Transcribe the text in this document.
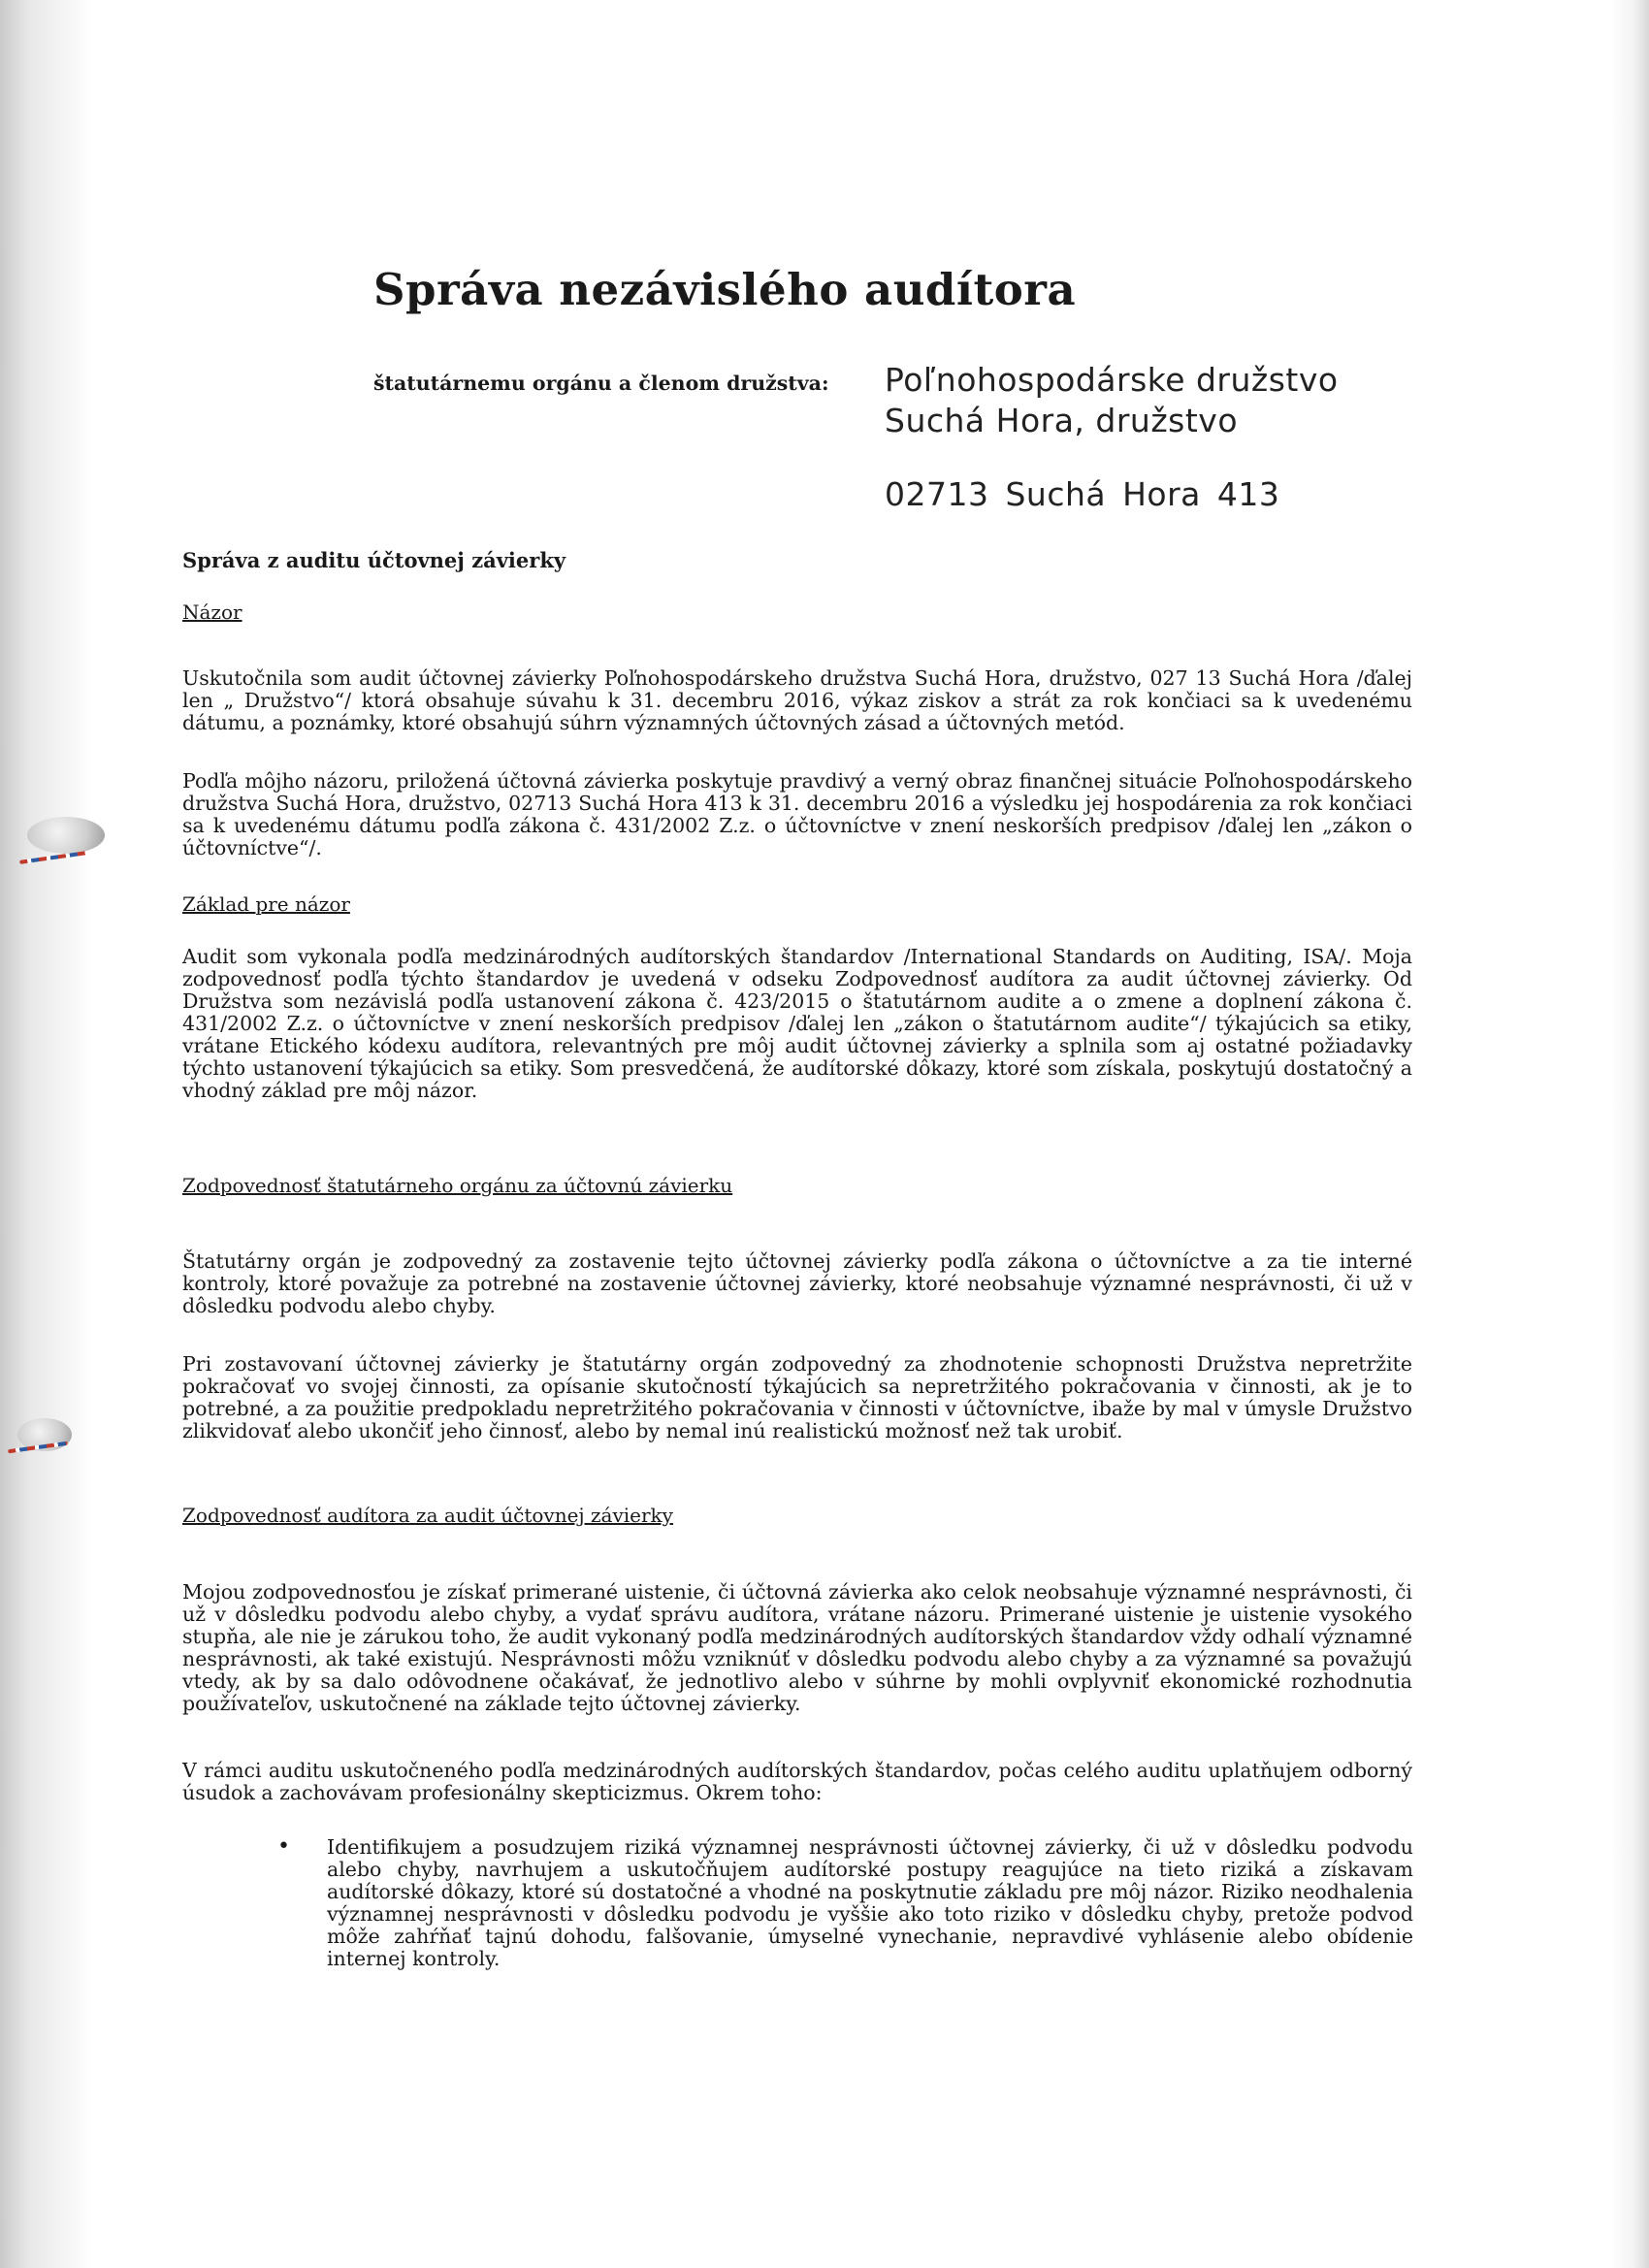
Správa nezávislého audítora
štatutárnemu orgánu a členom družstva: Poľnohospodárske družstvo
Suchá Hora, družstvo
02713 Suchá Hora 413
Správa z auditu účtovnej závierky
Názor
Uskutočnila som audit účtovnej závierky Poľnohospodárskeho družstva Suchá Hora, družstvo, 027 13 Suchá Hora /ďalej len „ Družstvo“/ ktorá obsahuje súvahu k 31. decembru 2016, výkaz ziskov a strát za rok končiaci sa k uvedenému dátumu, a poznámky, ktoré obsahujú súhrn významných účtovných zásad a účtovných metód.
Podľa môjho názoru, priložená účtovná závierka poskytuje pravdivý a verný obraz finančnej situácie Poľnohospodárskeho družstva Suchá Hora, družstvo, 02713 Suchá Hora 413 k 31. decembru 2016 a výsledku jej hospodárenia za rok končiaci sa k uvedenému dátumu podľa zákona č. 431/2002 Z.z. o účtovníctve v znení neskorších predpisov /ďalej len „zákon o účtovníctve“/.
Základ pre názor
Audit som vykonala podľa medzinárodných audítorských štandardov /International Standards on Auditing, ISA/. Moja zodpovednosť podľa týchto štandardov je uvedená v odseku Zodpovednosť audítora za audit účtovnej závierky. Od Družstva som nezávislá podľa ustanovení zákona č. 423/2015 o štatutárnom audite a o zmene a doplnení zákona č. 431/2002 Z.z. o účtovníctve v znení neskorších predpisov /ďalej len „zákon o štatutárnom audite“/ týkajúcich sa etiky, vrátane Etického kódexu audítora, relevantných pre môj audit účtovnej závierky a splnila som aj ostatné požiadavky týchto ustanovení týkajúcich sa etiky. Som presvedčená, že audítorské dôkazy, ktoré som získala, poskytujú dostatočný a vhodný základ pre môj názor.
Zodpovednosť štatutárneho orgánu za účtovnú závierku
Štatutárny orgán je zodpovedný za zostavenie tejto účtovnej závierky podľa zákona o účtovníctve a za tie interné kontroly, ktoré považuje za potrebné na zostavenie účtovnej závierky, ktoré neobsahuje významné nesprávnosti, či už v dôsledku podvodu alebo chyby.
Pri zostavovaní účtovnej závierky je štatutárny orgán zodpovedný za zhodnotenie schopnosti Družstva nepretržite pokračovať vo svojej činnosti, za opísanie skutočností týkajúcich sa nepretržitého pokračovania v činnosti, ak je to potrebné, a za použitie predpokladu nepretržitého pokračovania v činnosti v účtovníctve, ibaže by mal v úmysle Družstvo zlikvidovať alebo ukončiť jeho činnosť, alebo by nemal inú realistickú možnosť než tak urobiť.
Zodpovednosť audítora za audit účtovnej závierky
Mojou zodpovednosťou je získať primerané uistenie, či účtovná závierka ako celok neobsahuje významné nesprávnosti, či už v dôsledku podvodu alebo chyby, a vydať správu audítora, vrátane názoru. Primerané uistenie je uistenie vysokého stupňa, ale nie je zárukou toho, že audit vykonaný podľa medzinárodných audítorských štandardov vždy odhalí významné nesprávnosti, ak také existujú. Nesprávnosti môžu vzniknúť v dôsledku podvodu alebo chyby a za významné sa považujú vtedy, ak by sa dalo odôvodnene očakávať, že jednotlivo alebo v súhrne by mohli ovplyvniť ekonomické rozhodnutia používateľov, uskutočnené na základe tejto účtovnej závierky.
V rámci auditu uskutočneného podľa medzinárodných audítorských štandardov, počas celého auditu uplatňujem odborný úsudok a zachovávam profesionálny skepticizmus. Okrem toho:
• Identifikujem a posudzujem riziká významnej nesprávnosti účtovnej závierky, či už v dôsledku podvodu alebo chyby, navrhujem a uskutočňujem audítorské postupy reagujúce na tieto riziká a získavam audítorské dôkazy, ktoré sú dostatočné a vhodné na poskytnutie základu pre môj názor. Riziko neodhalenia významnej nesprávnosti v dôsledku podvodu je vyššie ako toto riziko v dôsledku chyby, pretože podvod môže zahŕňať tajnú dohodu, falšovanie, úmyselné vynechanie, nepravdivé vyhlásenie alebo obídenie internej kontroly.
